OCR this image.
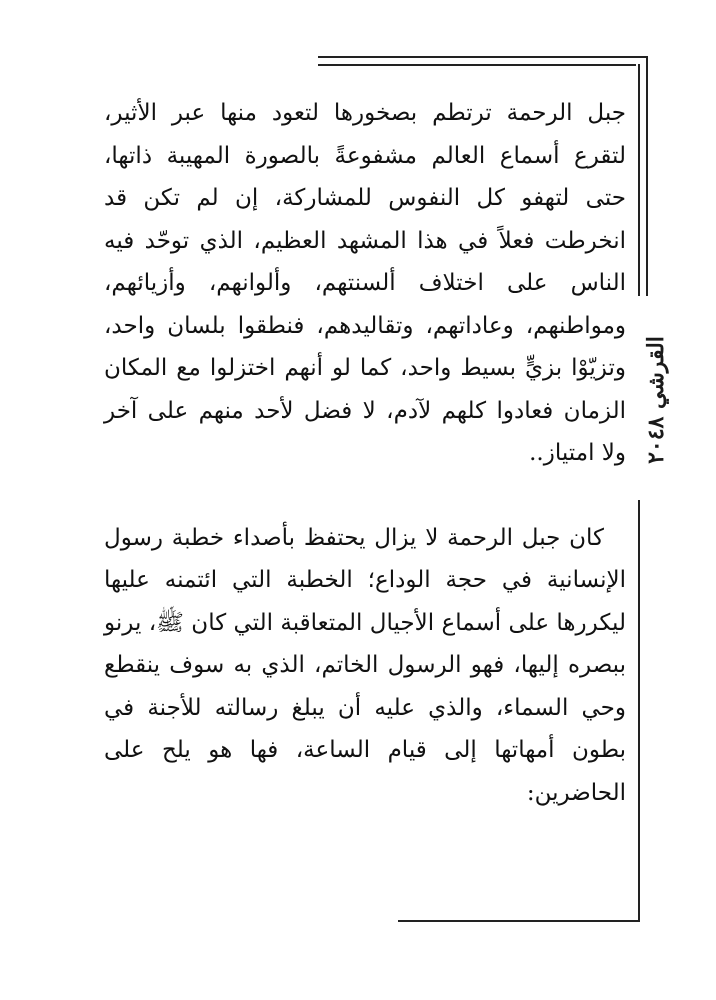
القرشي ٢٠٤٨

جبل الرحمة ترتطم بصخورها لتعود منها عبر الأثير، لتقرع أسماع العالم مشفوعةً بالصورة المهيبة ذاتها، حتى لتهفو كل النفوس للمشاركة، إن لم تكن قد انخرطت فعلاً في هذا المشهد العظيم، الذي توحّد فيه الناس على اختلاف ألسنتهم، وألوانهم، وأزيائهم، ومواطنهم، وعاداتهم، وتقاليدهم، فنطقوا بلسان واحد، وتزيّوْا بزيٍّ بسيط واحد، كما لو أنهم اختزلوا مع المكان الزمان فعادوا كلهم لآدم، لا فضل لأحد منهم على آخر ولا امتياز..

كان جبل الرحمة لا يزال يحتفظ بأصداء خطبة رسول الإنسانية في حجة الوداع؛ الخطبة التي ائتمنه عليها ليكررها على أسماع الأجيال المتعاقبة التي كان ﷺ، يرنو ببصره إليها، فهو الرسول الخاتم، الذي به سوف ينقطع وحي السماء، والذي عليه أن يبلغ رسالته للأجنة في بطون أمهاتها إلى قيام الساعة، فها هو يلح على الحاضرين:
